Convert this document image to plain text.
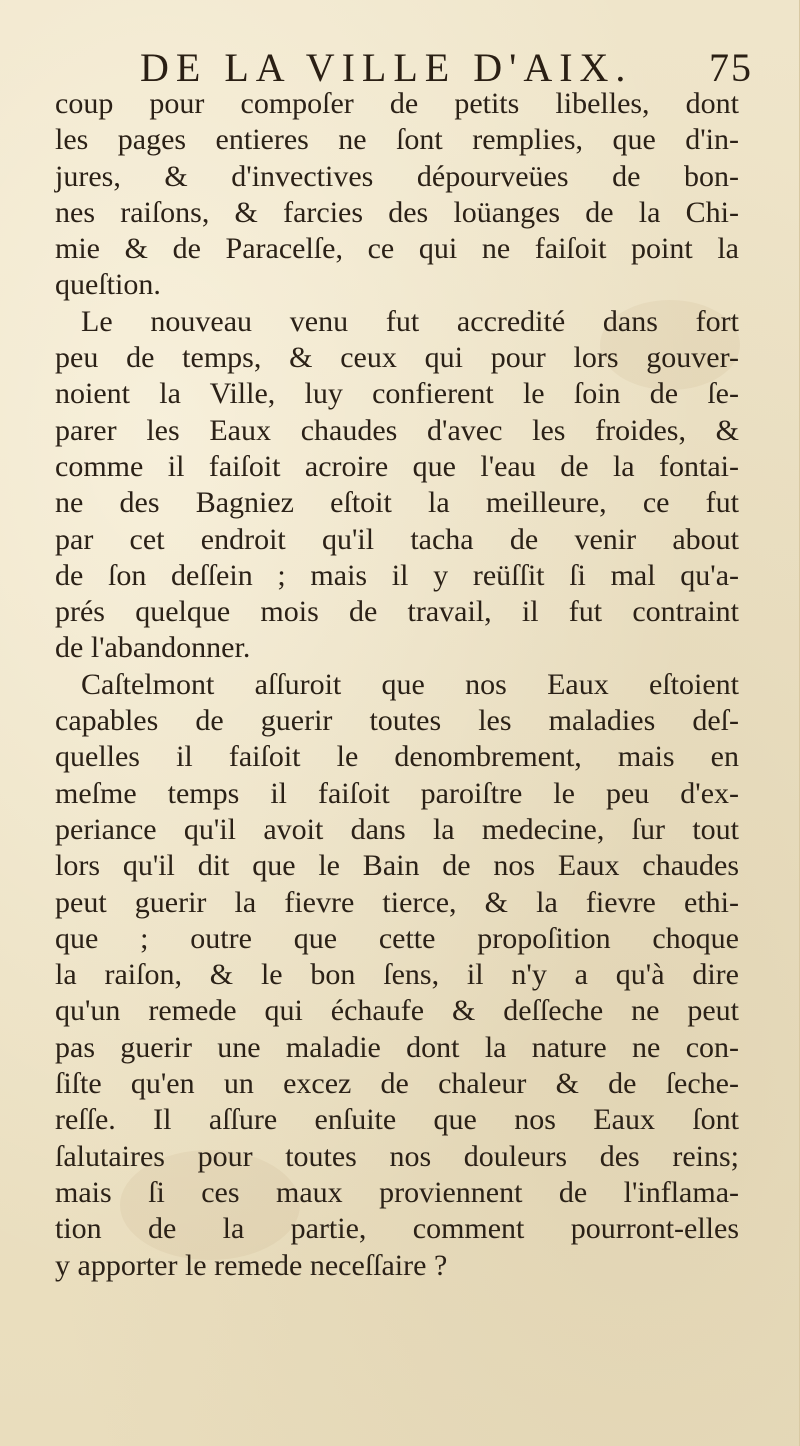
DE LA VILLE D'AIX. 75
coup pour compoſer de petits libelles, dont
les pages entieres ne ſont remplies, que d'in-
jures, & d'invectives dépourveües de bon-
nes raiſons, & farcies des loüanges de la Chi-
mie & de Paracelſe, ce qui ne faiſoit point la
queſtion.
Le nouveau venu fut accredité dans fort
peu de temps, & ceux qui pour lors gouver-
noient la Ville, luy confierent le ſoin de ſe-
parer les Eaux chaudes d'avec les froides, &
comme il faiſoit acroire que l'eau de la fontai-
ne des Bagniez eſtoit la meilleure, ce fut
par cet endroit qu'il tacha de venir about
de ſon deſſein ; mais il y reüſſit ſi mal qu'a-
prés quelque mois de travail, il fut contraint
de l'abandonner.
Caſtelmont aſſuroit que nos Eaux eſtoient
capables de guerir toutes les maladies deſ-
quelles il faiſoit le denombrement, mais en
meſme temps il faiſoit paroiſtre le peu d'ex-
periance qu'il avoit dans la medecine, ſur tout
lors qu'il dit que le Bain de nos Eaux chaudes
peut guerir la fievre tierce, & la fievre ethi-
que ; outre que cette propoſition choque
la raiſon, & le bon ſens, il n'y a qu'à dire
qu'un remede qui échaufe & deſſeche ne peut
pas guerir une maladie dont la nature ne con-
ſiſte qu'en un excez de chaleur & de ſeche-
reſſe. Il aſſure enſuite que nos Eaux ſont
ſalutaires pour toutes nos douleurs des reins;
mais ſi ces maux proviennent de l'inflama-
tion de la partie, comment pourront-elles
y apporter le remede neceſſaire ?
